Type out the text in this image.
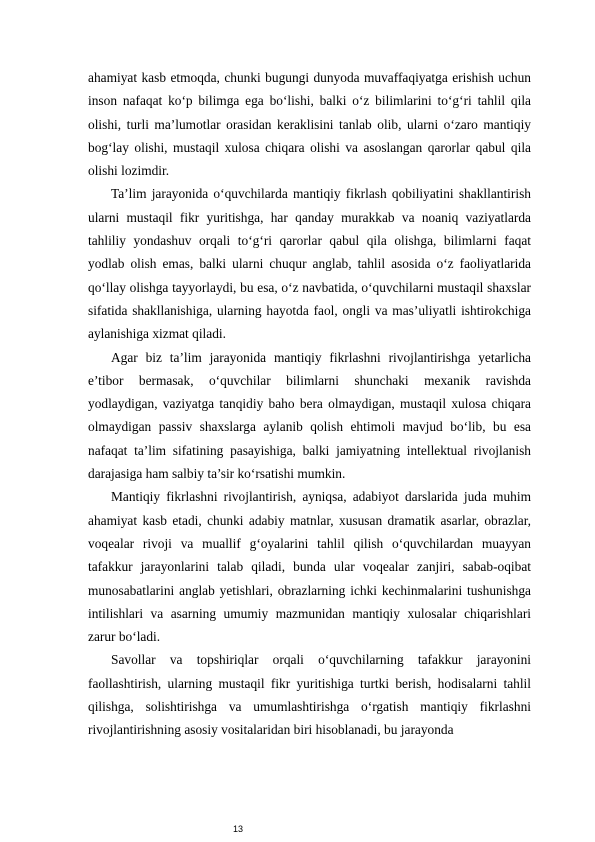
ahamiyat kasb etmoqda, chunki bugungi dunyoda muvaffaqiyatga erishish uchun inson nafaqat ko‘p bilimga ega bo‘lishi, balki o‘z bilimlarini to‘g‘ri tahlil qila olishi, turli ma’lumotlar orasidan keraklisini tanlab olib, ularni o‘zaro mantiqiy bog‘lay olishi, mustaqil xulosa chiqara olishi va asoslangan qarorlar qabul qila olishi lozimdir.

Ta’lim jarayonida o‘quvchilarda mantiqiy fikrlash qobiliyatini shakllantirish ularni mustaqil fikr yuritishga, har qanday murakkab va noaniq vaziyatlarda tahliliy yondashuv orqali to‘g‘ri qarorlar qabul qila olishga, bilimlarni faqat yodlab olish emas, balki ularni chuqur anglab, tahlil asosida o‘z faoliyatlarida qo‘llay olishga tayyorlaydi, bu esa, o‘z navbatida, o‘quvchilarni mustaqil shaxslar sifatida shakllanishiga, ularning hayotda faol, ongli va mas’uliyatli ishtirokchiga aylanishiga xizmat qiladi.

Agar biz ta’lim jarayonida mantiqiy fikrlashni rivojlantirishga yetarlicha e’tibor bermasak, o‘quvchilar bilimlarni shunchaki mexanik ravishda yodlaydigan, vaziyatga tanqidiy baho bera olmaydigan, mustaqil xulosa chiqara olmaydigan passiv shaxslarga aylanib qolish ehtimoli mavjud bo‘lib, bu esa nafaqat ta’lim sifatining pasayishiga, balki jamiyatning intellektual rivojlanish darajasiga ham salbiy ta’sir ko‘rsatishi mumkin.

Mantiqiy fikrlashni rivojlantirish, ayniqsa, adabiyot darslarida juda muhim ahamiyat kasb etadi, chunki adabiy matnlar, xususan dramatik asarlar, obrazlar, voqealar rivoji va muallif g‘oyalarini tahlil qilish o‘quvchilardan muayyan tafakkur jarayonlarini talab qiladi, bunda ular voqealar zanjiri, sabab-oqibat munosabatlarini anglab yetishlari, obrazlarning ichki kechinmalarini tushunishga intilishlari va asarning umumiy mazmunidan mantiqiy xulosalar chiqarishlari zarur bo‘ladi.

Savollar va topshiriqlar orqali o‘quvchilarning tafakkur jarayonini faollashtirish, ularning mustaqil fikr yuritishiga turtki berish, hodisalarni tahlil qilishga, solishtirishga va umumlashtirishga o‘rgatish mantiqiy fikrlashni rivojlantirishning asosiy vositalaridan biri hisoblanadi, bu jarayonda

13
